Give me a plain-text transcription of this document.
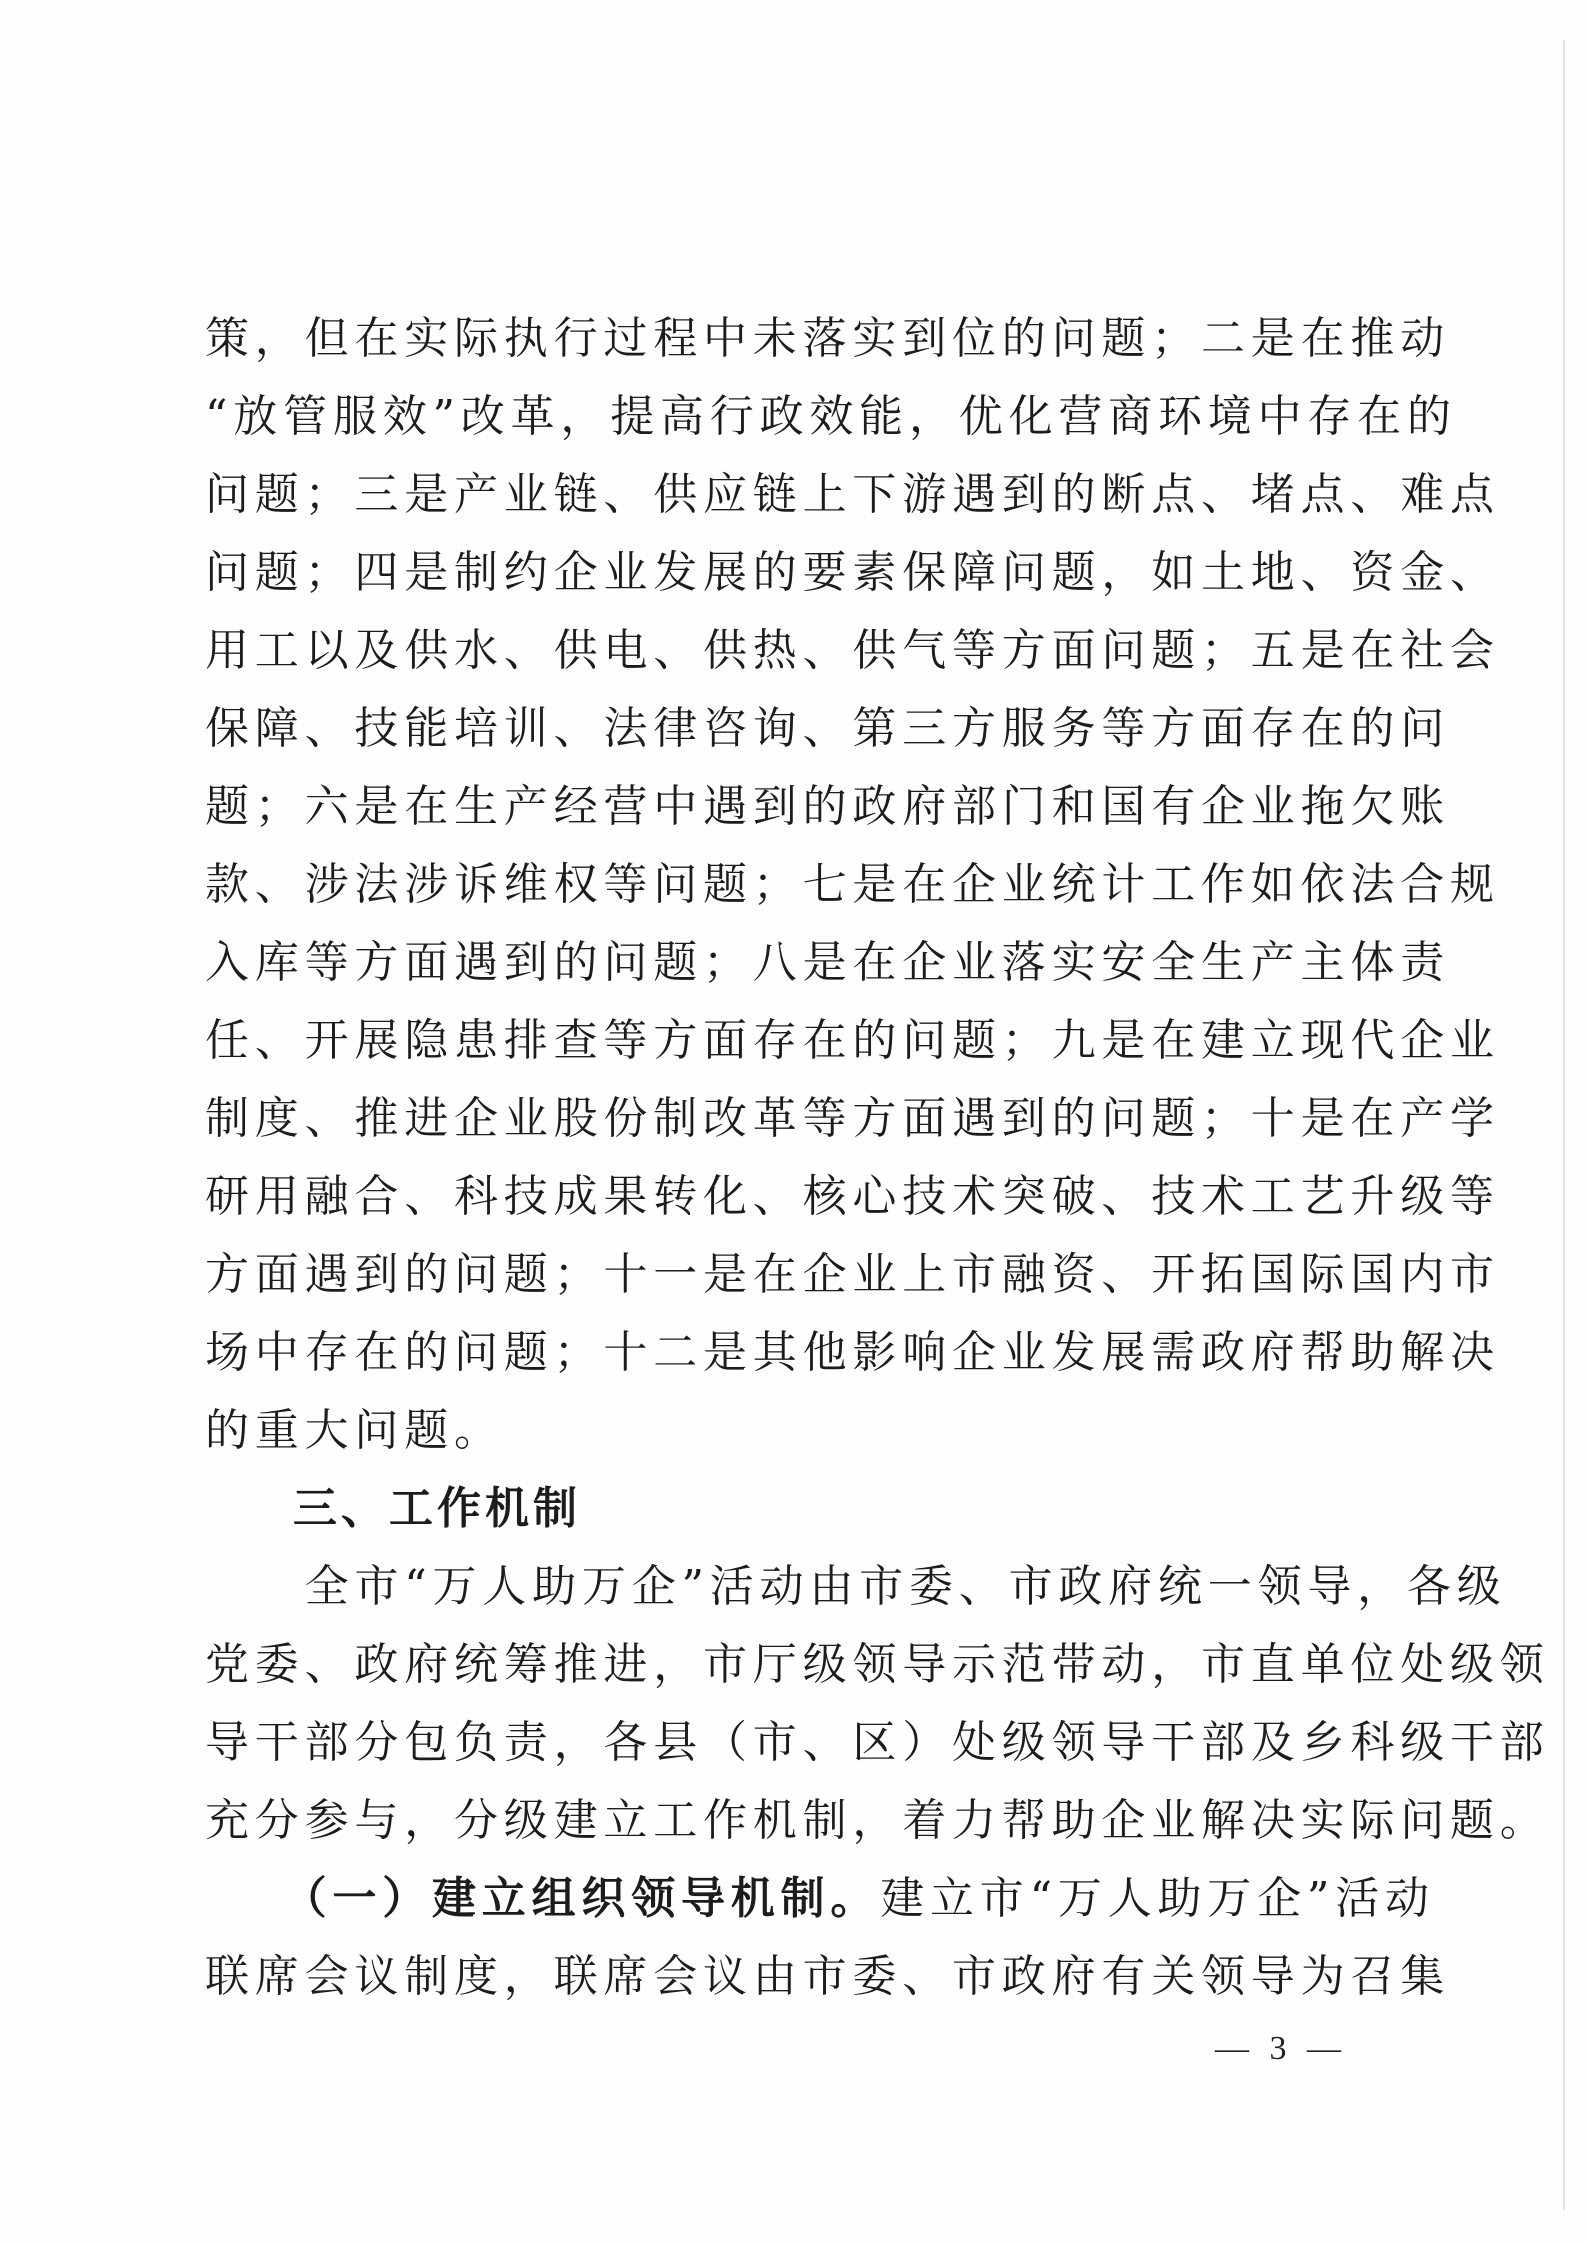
策，但在实际执行过程中未落实到位的问题；二是在推动
“放管服效”改革，提高行政效能，优化营商环境中存在的
问题；三是产业链、供应链上下游遇到的断点、堵点、难点
问题；四是制约企业发展的要素保障问题，如土地、资金、
用工以及供水、供电、供热、供气等方面问题；五是在社会
保障、技能培训、法律咨询、第三方服务等方面存在的问
题；六是在生产经营中遇到的政府部门和国有企业拖欠账
款、涉法涉诉维权等问题；七是在企业统计工作如依法合规
入库等方面遇到的问题；八是在企业落实安全生产主体责
任、开展隐患排查等方面存在的问题；九是在建立现代企业
制度、推进企业股份制改革等方面遇到的问题；十是在产学
研用融合、科技成果转化、核心技术突破、技术工艺升级等
方面遇到的问题；十一是在企业上市融资、开拓国际国内市
场中存在的问题；十二是其他影响企业发展需政府帮助解决
的重大问题。
三、工作机制
　　全市“万人助万企”活动由市委、市政府统一领导，各级
党委、政府统筹推进，市厅级领导示范带动，市直单位处级领
导干部分包负责，各县（市、区）处级领导干部及乡科级干部
充分参与，分级建立工作机制，着力帮助企业解决实际问题。
　　（一）建立组织领导机制。建立市“万人助万企”活动
联席会议制度，联席会议由市委、市政府有关领导为召集
— 3 —
